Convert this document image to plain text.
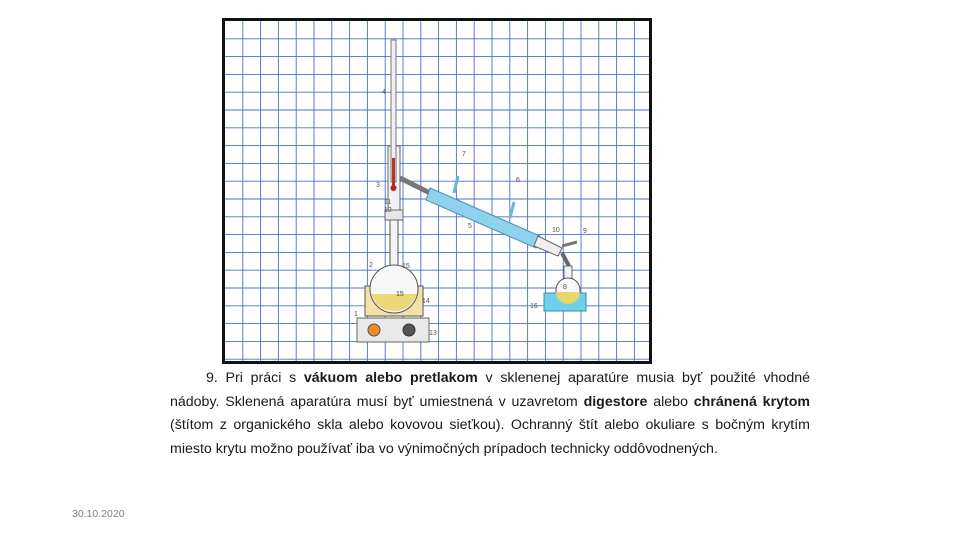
15
1
2
3
4
5
6
7
8
9
10
11
12
13
14
15
16

9. Pri práci s vákuom alebo pretlakom v sklenenej aparatúre musia byť použité vhodné nádoby. Sklenená aparatúra musí byť umiestnená v uzavretom digestore alebo chránená krytom (štítom z organického skla alebo kovovou sieťkou). Ochranný štít alebo okuliare s bočným krytím miesto krytu možno používať iba vo výnimočných prípadoch technicky oddôvodnených.

30.10.2020
